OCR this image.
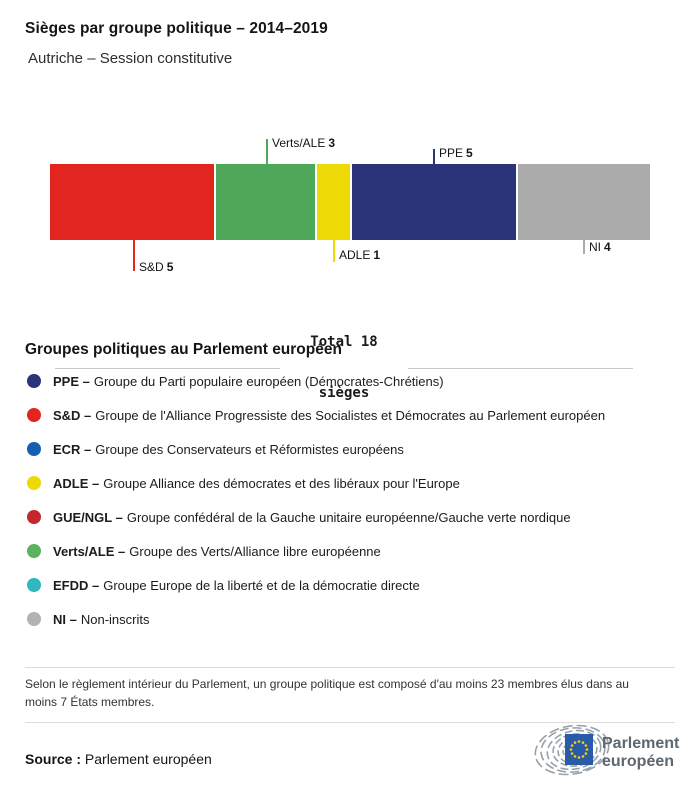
Sièges par groupe politique – 2014–2019
Autriche – Session constitutive
Verts/ALE 3
PPE 5
S&D 5
ADLE 1
NI 4

Total 18

sièges

Groupes politiques au Parlement européen
PPE – Groupe du Parti populaire européen (Démocrates-Chrétiens)
S&D – Groupe de l'Alliance Progressiste des Socialistes et Démocrates au Parlement européen
ECR – Groupe des Conservateurs et Réformistes européens
ADLE – Groupe Alliance des démocrates et des libéraux pour l'Europe
GUE/NGL – Groupe confédéral de la Gauche unitaire européenne/Gauche verte nordique
Verts/ALE – Groupe des Verts/Alliance libre européenne
EFDD – Groupe Europe de la liberté et de la démocratie directe
NI – Non-inscrits
Selon le règlement intérieur du Parlement, un groupe politique est composé d'au moins 23 membres élus dans au moins 7 États membres.
Source : Parlement européen
Parlement
européen
